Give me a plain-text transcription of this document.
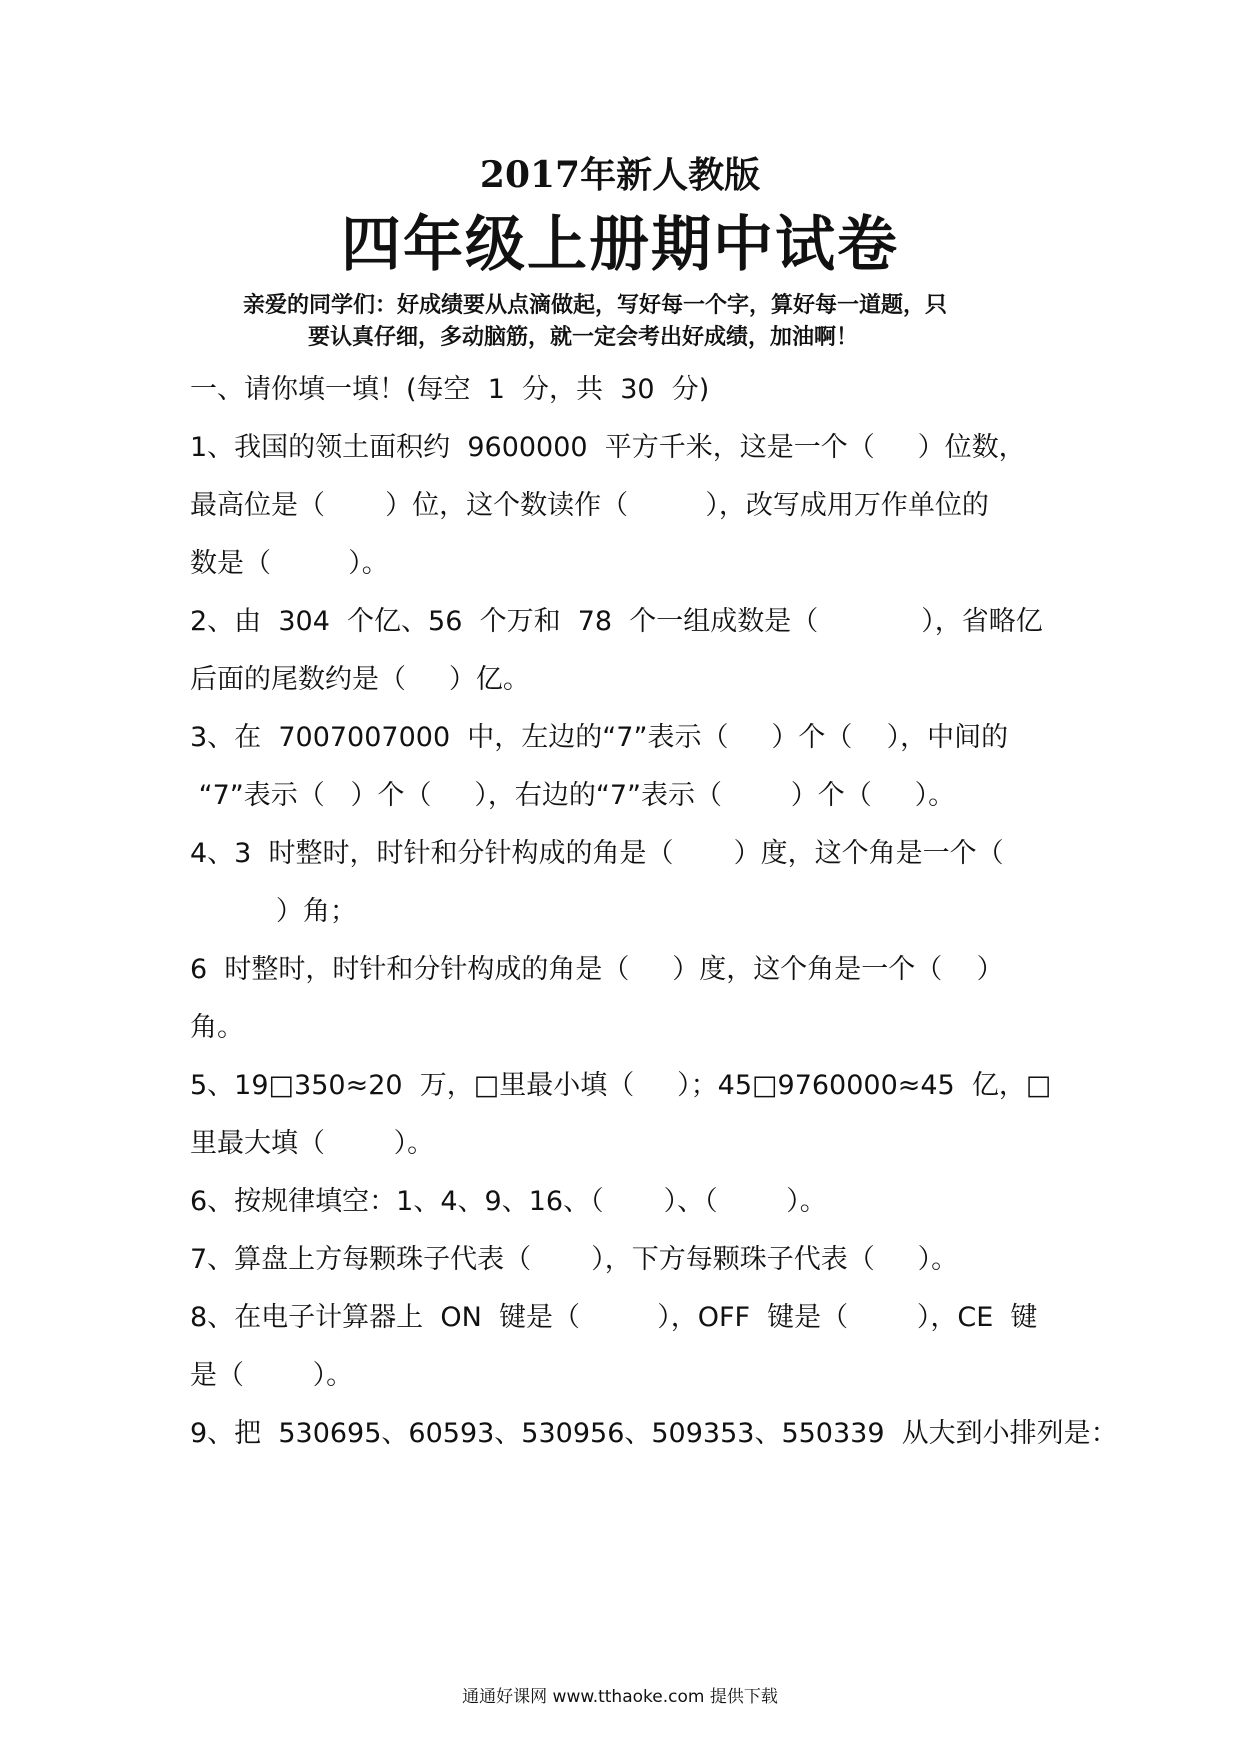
2017年新人教版
四年级上册期中试卷
亲爱的同学们：好成绩要从点滴做起，写好每一个字，算好每一道题，只
要认真仔细，多动脑筋，就一定会考出好成绩，加油啊！
一、请你填一填！(每空  1  分，共  30  分)
1、我国的领土面积约  9600000  平方千米，这是一个（     ）位数，
最高位是（       ）位，这个数读作（         ），改写成用万作单位的
数是（         ）。
2、由  304  个亿、56  个万和  78  个一组成数是（            ），省略亿
后面的尾数约是（     ）亿。
3、在  7007007000  中，左边的“7”表示（     ）个（    ），中间的
“7”表示（   ）个（     ），右边的“7”表示（        ）个（     ）。
4、3  时整时，时针和分针构成的角是（       ）度，这个角是一个（
）角；
6  时整时，时针和分针构成的角是（     ）度，这个角是一个（    ）
角。
5、19□350≈20  万，□里最小填（     ）；45□9760000≈45  亿，□
里最大填（        ）。
6、按规律填空：1、4、9、16、（       ）、（        ）。
7、算盘上方每颗珠子代表（       ），下方每颗珠子代表（     ）。
8、在电子计算器上  ON  键是（         ），OFF  键是（        ），CE  键
是（        ）。
9、把  530695、60593、530956、509353、550339  从大到小排列是：
通通好课网 www.tthaoke.com 提供下载
